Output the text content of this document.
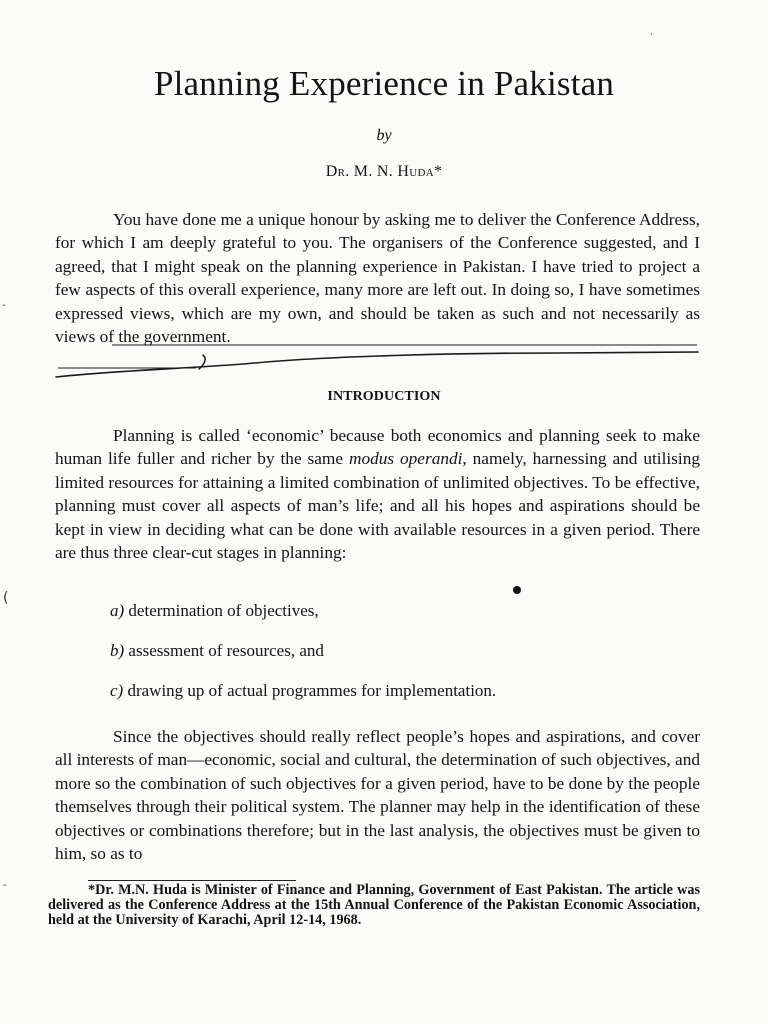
Planning Experience in Pakistan
by
Dr. M. N. Huda*

You have done me a unique honour by asking me to deliver the Conference Address, for which I am deeply grateful to you. The organisers of the Conference suggested, and I agreed, that I might speak on the planning experience in Pakistan. I have tried to project a few aspects of this overall experience, many more are left out. In doing so, I have sometimes expressed views, which are my own, and should be taken as such and not necessarily as views of the government.

INTRODUCTION

Planning is called ‘economic’ because both economics and planning seek to make human life fuller and richer by the same modus operandi, namely, harnessing and utilising limited resources for attaining a limited combination of unlimited objectives. To be effective, planning must cover all aspects of man’s life; and all his hopes and aspirations should be kept in view in deciding what can be done with available resources in a given period. There are thus three clear-cut stages in planning:

a) determination of objectives,
b) assessment of resources, and
c) drawing up of actual programmes for implementation.

Since the objectives should really reflect people’s hopes and aspirations, and cover all interests of man—economic, social and cultural, the determination of such objectives, and more so the combination of such objectives for a given period, have to be done by the people themselves through their political system. The planner may help in the identification of these objectives or combinations therefore; but in the last analysis, the objectives must be given to him, so as to

*Dr. M.N. Huda is Minister of Finance and Planning, Government of East Pakistan. The article was delivered as the Conference Address at the 15th Annual Conference of the Pakistan Economic Association, held at the University of Karachi, April 12-14, 1968.

·
-
(
-
